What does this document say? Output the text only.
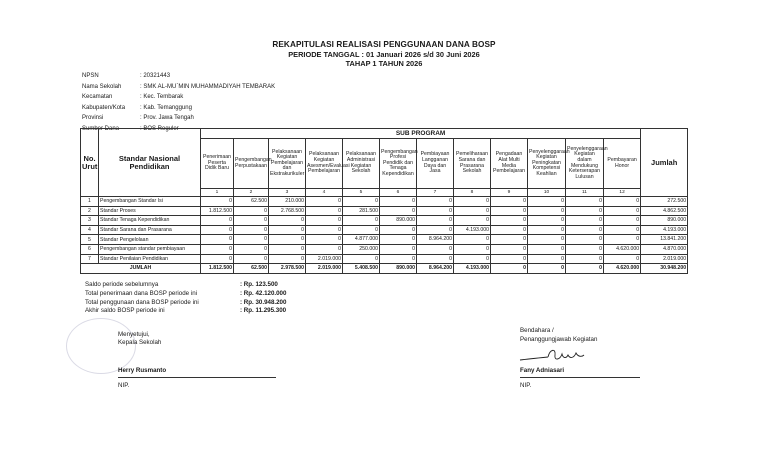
REKAPITULASI REALISASI PENGGUNAAN DANA BOSP
PERIODE TANGGAL : 01 Januari 2026 s/d 30 Juni 2026
TAHAP 1 TAHUN 2026
NPSN	: 20321443
Nama Sekolah	: SMK AL-MU`MIN MUHAMMADIYAH TEMBARAK
Kecamatan	: Kec. Tembarak
Kabupaten/Kota	: Kab. Temanggung
Provinsi	: Prov. Jawa Tengah
Sumber Dana	: BOS Reguler
No. Urut	Standar Nasional Pendidikan	SUB PROGRAM												Jumlah
		Penerimaan Peserta Didik Baru	Pengembangan Perpustakaan	Pelaksanaan Kegiatan Pembelajaran dan Ekstrakurikuler	Pelaksanaan Kegiatan Asesmen/Evaluasi Pembelajaran	Pelaksanaan Administrasi Kegiatan Sekolah	Pengembangan Profesi Pendidik dan Tenaga Kependidikan	Pembiayaan Langganan Daya dan Jasa	Pemeliharaan Sarana dan Prasarana Sekolah	Pengadaan Alat Multi Media Pembelajaran	Penyelenggaraan Kegiatan Peningkatan Kompetensi Keahlian	Penyelenggaraan Kegiatan dalam Mendukung Keterserapan Lulusan	Pembayaran Honor	
		1	2	3	4	5	6	7	8	9	10	11	12	
1	Pengembangan Standar Isi	0	62.500	210.000	0	0	0	0	0	0	0	0	0	272.500
2	Standar Proses	1.812.500	0	2.768.500	0	281.500	0	0	0	0	0	0	0	4.862.500
3	Standar Tenaga Kependidikan	0	0	0	0	0	890.000	0	0	0	0	0	0	890.000
4	Standar Sarana dan Prasarana	0	0	0	0	0	0	0	4.193.000	0	0	0	0	4.193.000
5	Standar Pengelolaan	0	0	0	0	4.877.000	0	8.964.200	0	0	0	0	0	13.841.200
6	Pengembangan standar pembiayaan	0	0	0	0	250.000	0	0	0	0	0	0	4.620.000	4.870.000
7	Standar Penilaian Pendidikan	0	0	0	2.019.000	0	0	0	0	0	0	0	0	2.019.000
JUMLAH		1.812.500	62.500	2.978.500	2.019.000	5.408.500	890.000	8.964.200	4.193.000	0	0	0	4.620.000	30.948.200
Saldo periode sebelumnya	: Rp. 123.500
Total penerimaan dana BOSP periode ini	: Rp. 42.120.000
Total penggunaan dana BOSP periode ini	: Rp. 30.948.200
Akhir saldo BOSP periode ini	: Rp. 11.295.300
Menyetujui,
Kepala Sekolah
Herry Rusmanto
NIP.
Bendahara /
Penanggungjawab Kegiatan
Fany Adniasari
NIP.
